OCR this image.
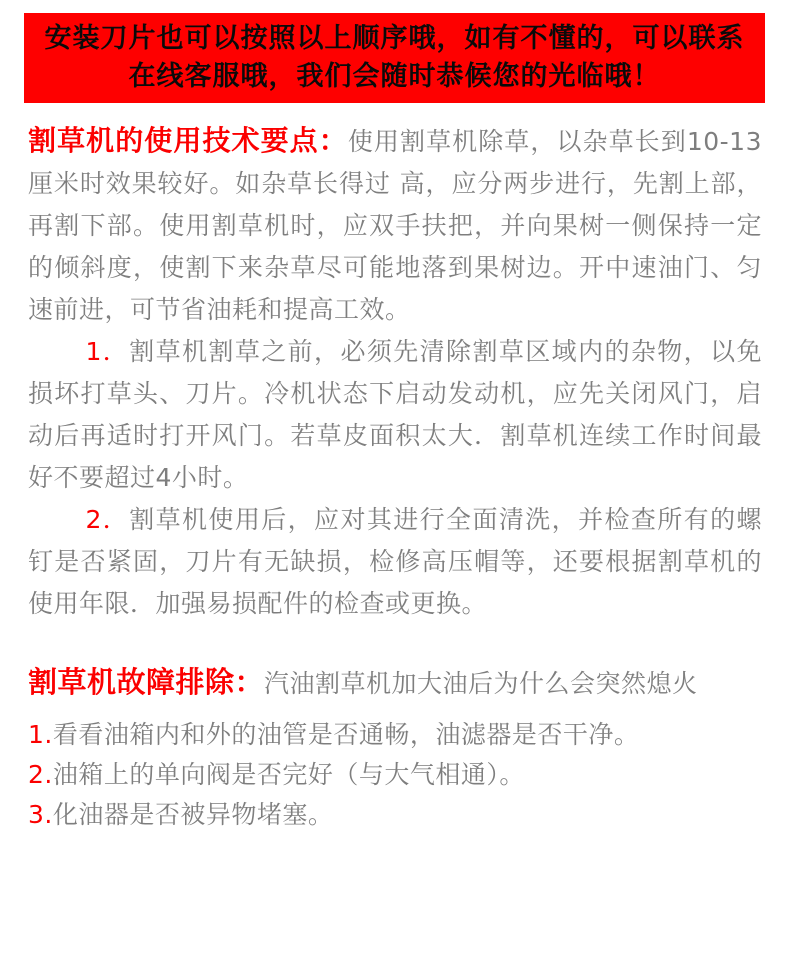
安装刀片也可以按照以上顺序哦，如有不懂的，可以联系
在线客服哦，我们会随时恭候您的光临哦！

割草机的使用技术要点：使用割草机除草，以杂草长到10-13厘米时效果较好。如杂草长得过 高，应分两步进行，先割上部，再割下部。使用割草机时，应双手扶把，并向果树一侧保持一定的倾斜度，使割下来杂草尽可能地落到果树边。开中速油门、匀速前进，可节省油耗和提高工效。

1．割草机割草之前，必须先清除割草区域内的杂物，以免损坏打草头、刀片。冷机状态下启动发动机，应先关闭风门，启动后再适时打开风门。若草皮面积太大．割草机连续工作时间最好不要超过4小时。

2．割草机使用后，应对其进行全面清洗，并检查所有的螺钉是否紧固，刀片有无缺损，检修高压帽等，还要根据割草机的使用年限．加强易损配件的检查或更换。

割草机故障排除：汽油割草机加大油后为什么会突然熄火

1.看看油箱内和外的油管是否通畅，油滤器是否干净。

2.油箱上的单向阀是否完好（与大气相通）。

3.化油器是否被异物堵塞。
